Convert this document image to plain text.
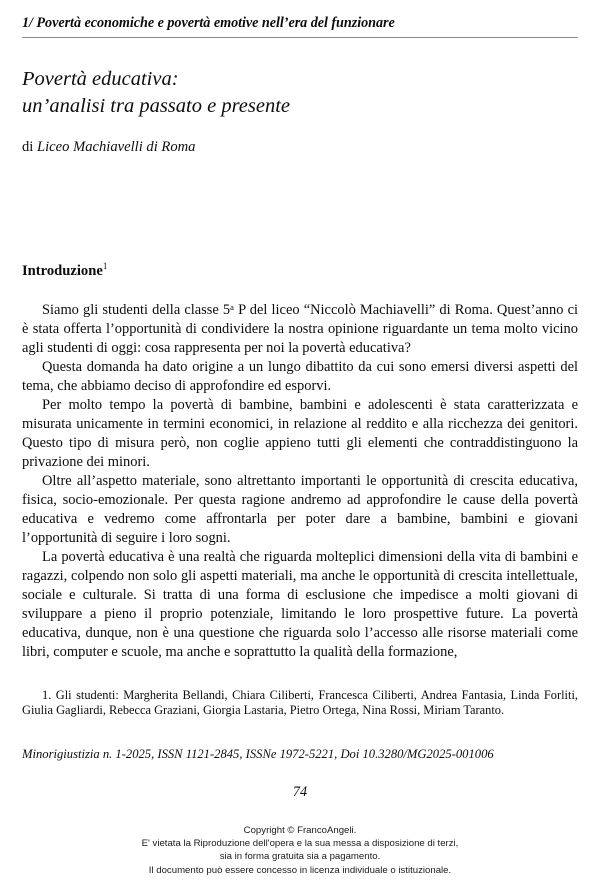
1/ Povertà economiche e povertà emotive nell’era del funzionare
Povertà educativa:
un’analisi tra passato e presente
di Liceo Machiavelli di Roma
Introduzione$^1$

Siamo gli studenti della classe 5ᵃ P del liceo “Niccolò Machiavelli” di Roma. Quest’anno ci è stata offerta l’opportunità di condividere la nostra opinione riguardante un tema molto vicino agli studenti di oggi: cosa rappresenta per noi la povertà educativa?

Questa domanda ha dato origine a un lungo dibattito da cui sono emersi diversi aspetti del tema, che abbiamo deciso di approfondire ed esporvi.

Per molto tempo la povertà di bambine, bambini e adolescenti è stata caratterizzata e misurata unicamente in termini economici, in relazione al reddito e alla ricchezza dei genitori. Questo tipo di misura però, non coglie appieno tutti gli elementi che contraddistinguono la privazione dei minori.

Oltre all’aspetto materiale, sono altrettanto importanti le opportunità di crescita educativa, fisica, socio-emozionale. Per questa ragione andremo ad approfondire le cause della povertà educativa e vedremo come affrontarla per poter dare a bambine, bambini e giovani l’opportunità di seguire i loro sogni.

La povertà educativa è una realtà che riguarda molteplici dimensioni della vita di bambini e ragazzi, colpendo non solo gli aspetti materiali, ma anche le opportunità di crescita intellettuale, sociale e culturale. Si tratta di una forma di esclusione che impedisce a molti giovani di sviluppare a pieno il proprio potenziale, limitando le loro prospettive future. La povertà educativa, dunque, non è una questione che riguarda solo l’accesso alle risorse materiali come libri, computer e scuole, ma anche e soprattutto la qualità della formazione,

1. Gli studenti: Margherita Bellandi, Chiara Ciliberti, Francesca Ciliberti, Andrea Fantasia, Linda Forliti, Giulia Gagliardi, Rebecca Graziani, Giorgia Lastaria, Pietro Ortega, Nina Rossi, Miriam Taranto.

Minorigiustizia n. 1-2025, ISSN 1121-2845, ISSNe 1972-5221, Doi 10.3280/MG2025-001006
74
Copyright © FrancoAngeli.
E' vietata la Riproduzione dell'opera e la sua messa a disposizione di terzi,
sia in forma gratuita sia a pagamento.
Il documento può essere concesso in licenza individuale o istituzionale.
